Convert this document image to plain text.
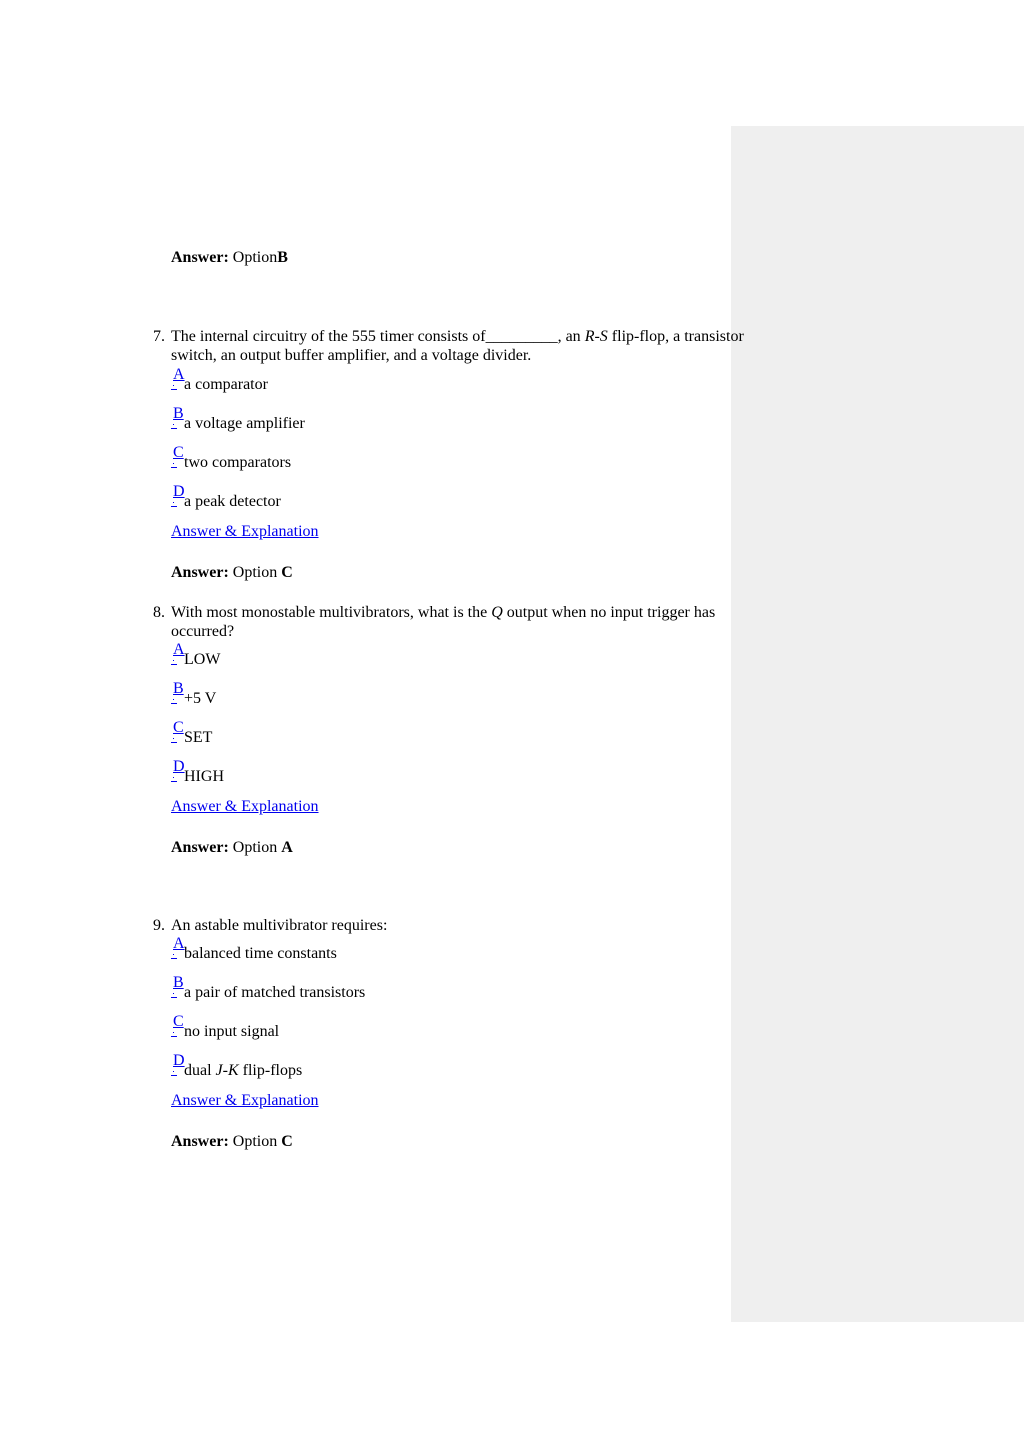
Answer: OptionB
7. The internal circuitry of the 555 timer consists of_________, an R-S flip-flop, a transistor switch, an output buffer amplifier, and a voltage divider.
A
a comparator
B
a voltage amplifier
C
two comparators
D
a peak detector
Answer & Explanation
Answer: Option C
8. With most monostable multivibrators, what is the Q output when no input trigger has occurred?
A
LOW
B
+5 V
C
SET
D
HIGH
Answer & Explanation
Answer: Option A
9. An astable multivibrator requires:
A
balanced time constants
B
a pair of matched transistors
C
no input signal
D
dual J-K flip-flops
Answer & Explanation
Answer: Option C
